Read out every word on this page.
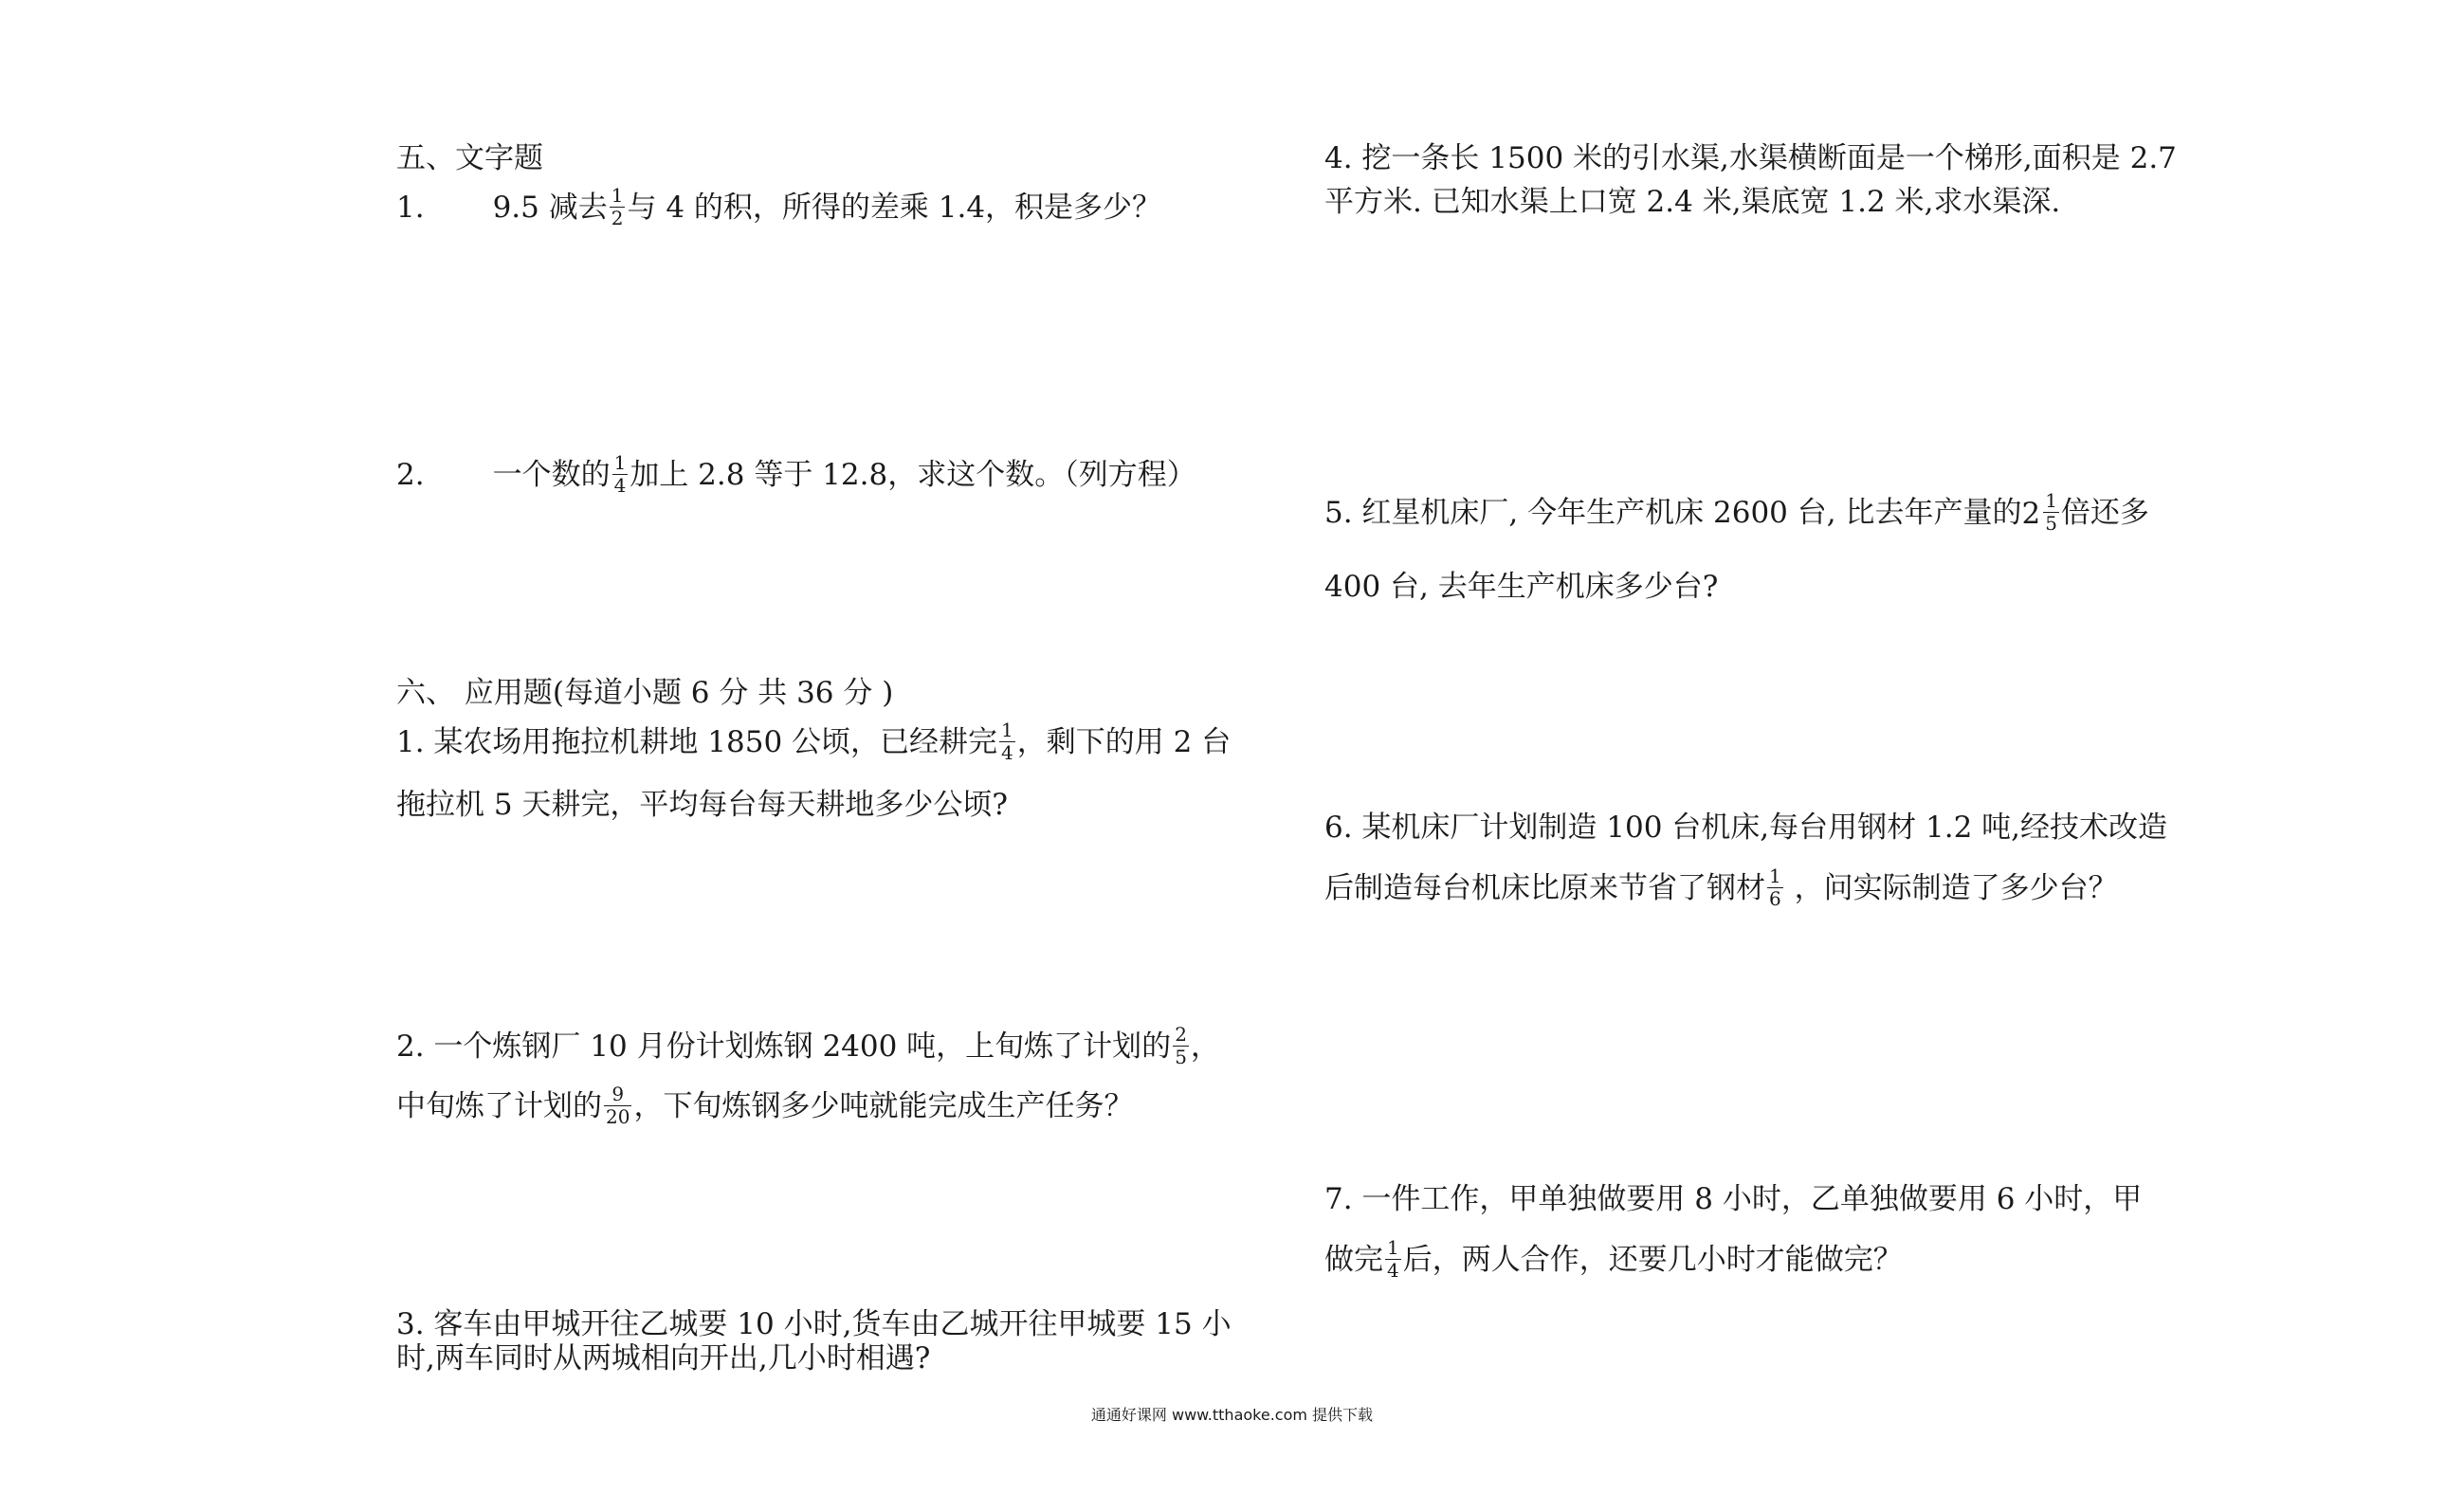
五、文字题
1. 9.5 减去 $\frac{1}{2}$ 与 4 的积，所得的差乘 1.4，积是多少？
2. 一个数的 $\frac{1}{4}$ 加上 2.8 等于 12.8，求这个数。（列方程）
六、 应用题(每道小题 6 分 共 36 分 )
1. 某农场用拖拉机耕地 1850 公顷，已经耕完 $\frac{1}{4}$ ，剩下的用 2 台
拖拉机 5 天耕完，平均每台每天耕地多少公顷?
2. 一个炼钢厂 10 月份计划炼钢 2400 吨，上旬炼了计划的 $\frac{2}{5}$ ，
中旬炼了计划的 $\frac{9}{20}$ ，下旬炼钢多少吨就能完成生产任务？
3. 客车由甲城开往乙城要 10 小时,货车由乙城开往甲城要 15 小
时,两车同时从两城相向开出,几小时相遇?
4. 挖一条长 1500 米的引水渠,水渠横断面是一个梯形,面积是 2.7
平方米. 已知水渠上口宽 2.4 米,渠底宽 1.2 米,求水渠深.
5. 红星机床厂, 今年生产机床 2600 台, 比去年产量的 $2 \frac{1}{5}$ 倍还多
400 台, 去年生产机床多少台?
6. 某机床厂计划制造 100 台机床,每台用钢材 1.2 吨,经技术改造
后制造每台机床比原来节省了钢材 $\frac{1}{6}$ ，问实际制造了多少台？
7. 一件工作，甲单独做要用 8 小时，乙单独做要用 6 小时，甲
做完 $\frac{1}{4}$ 后，两人合作，还要几小时才能做完？
通通好课网 www.tthaoke.com 提供下载
